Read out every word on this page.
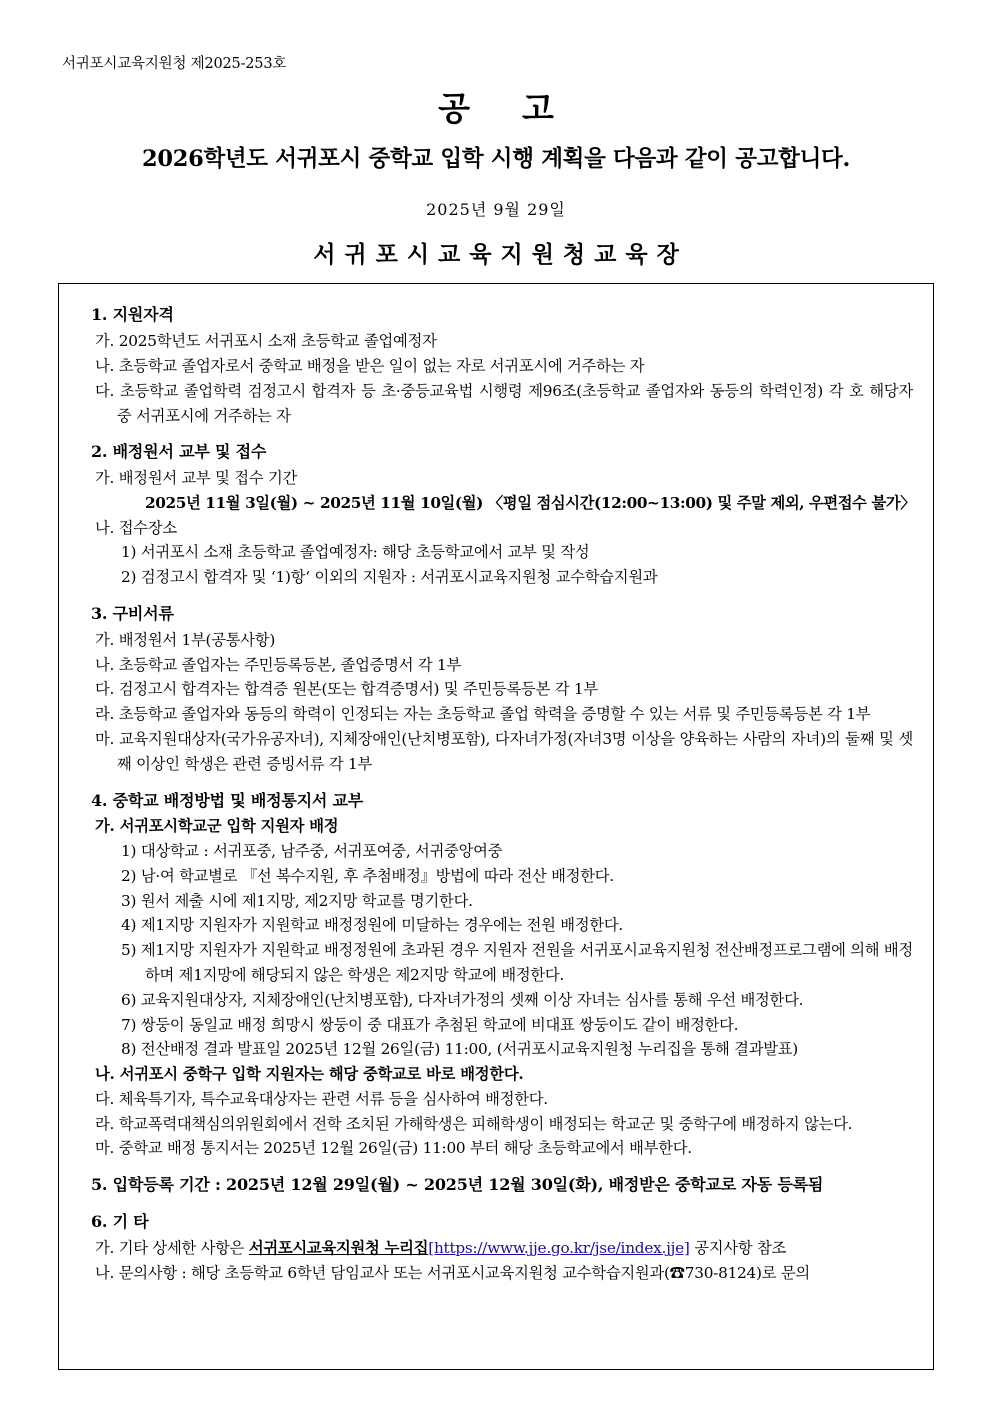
서귀포시교육지원청 제2025-253호
공고
2026학년도 서귀포시 중학교 입학 시행 계획을 다음과 같이 공고합니다.
2025년 9월 29일
서귀포시교육지원청교육장
1. 지원자격
가. 2025학년도 서귀포시 소재 초등학교 졸업예정자
나. 초등학교 졸업자로서 중학교 배정을 받은 일이 없는 자로 서귀포시에 거주하는 자
다. 초등학교 졸업학력 검정고시 합격자 등 초·중등교육법 시행령 제96조(초등학교 졸업자와 동등의 학력인정) 각 호 해당자 중 서귀포시에 거주하는 자
2. 배정원서 교부 및 접수
가. 배정원서 교부 및 접수 기간
2025년 11월 3일(월) ~ 2025년 11월 10일(월) 〈평일 점심시간(12:00~13:00) 및 주말 제외, 우편접수 불가〉
나. 접수장소
1) 서귀포시 소재 초등학교 졸업예정자: 해당 초등학교에서 교부 및 작성
2) 검정고시 합격자 및 ‘1)항‘ 이외의 지원자 : 서귀포시교육지원청 교수학습지원과
3. 구비서류
가. 배정원서 1부(공통사항)
나. 초등학교 졸업자는 주민등록등본, 졸업증명서 각 1부
다. 검정고시 합격자는 합격증 원본(또는 합격증명서) 및 주민등록등본 각 1부
라. 초등학교 졸업자와 동등의 학력이 인정되는 자는 초등학교 졸업 학력을 증명할 수 있는 서류 및 주민등록등본 각 1부
마. 교육지원대상자(국가유공자녀), 지체장애인(난치병포함), 다자녀가정(자녀3명 이상을 양육하는 사람의 자녀)의 둘째 및 셋째 이상인 학생은 관련 증빙서류 각 1부
4. 중학교 배정방법 및 배정통지서 교부
가. 서귀포시학교군 입학 지원자 배정
1) 대상학교 : 서귀포중, 남주중, 서귀포여중, 서귀중앙여중
2) 남·여 학교별로 『선 복수지원, 후 추첨배정』방법에 따라 전산 배정한다.
3) 원서 제출 시에 제1지망, 제2지망 학교를 명기한다.
4) 제1지망 지원자가 지원학교 배정정원에 미달하는 경우에는 전원 배정한다.
5) 제1지망 지원자가 지원학교 배정정원에 초과된 경우 지원자 전원을 서귀포시교육지원청 전산배정프로그램에 의해 배정하며 제1지망에 해당되지 않은 학생은 제2지망 학교에 배정한다.
6) 교육지원대상자, 지체장애인(난치병포함), 다자녀가정의 셋째 이상 자녀는 심사를 통해 우선 배정한다.
7) 쌍둥이 동일교 배정 희망시 쌍둥이 중 대표가 추첨된 학교에 비대표 쌍둥이도 같이 배정한다.
8) 전산배정 결과 발표일 2025년 12월 26일(금) 11:00, (서귀포시교육지원청 누리집을 통해 결과발표)
나. 서귀포시 중학구 입학 지원자는 해당 중학교로 바로 배정한다.
다. 체육특기자, 특수교육대상자는 관련 서류 등을 심사하여 배정한다.
라. 학교폭력대책심의위원회에서 전학 조치된 가해학생은 피해학생이 배정되는 학교군 및 중학구에 배정하지 않는다.
마. 중학교 배정 통지서는 2025년 12월 26일(금) 11:00 부터 해당 초등학교에서 배부한다.
5. 입학등록 기간 : 2025년 12월 29일(월) ~ 2025년 12월 30일(화), 배정받은 중학교로 자동 등록됨
6. 기 타
가. 기타 상세한 사항은 서귀포시교육지원청 누리집[https://www.jje.go.kr/jse/index.jje] 공지사항 참조
나. 문의사항 : 해당 초등학교 6학년 담임교사 또는 서귀포시교육지원청 교수학습지원과(☎730-8124)로 문의
